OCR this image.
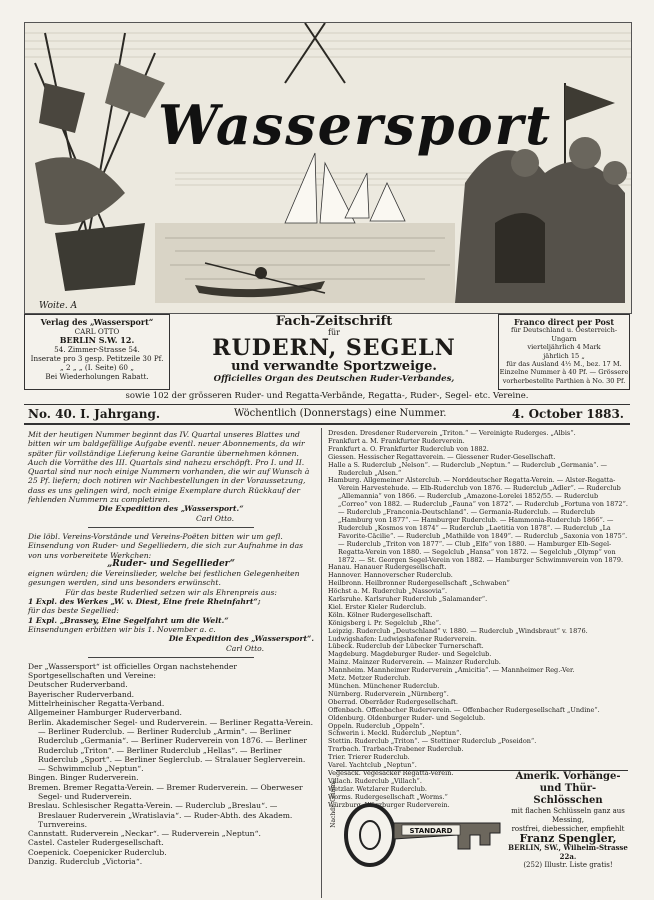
Wassersport
Woite. A
Verlag des „Wassersport“
CARL OTTO
BERLIN S.W. 12.
54. Zimmer-Strasse 54.
Inserate pro 3 gesp. Petitzeile 30 Pf.
„ 2 „ „ (I. Seite) 60 „
Bei Wiederholungen Rabatt.
Fach-Zeitschrift
für
RUDERN, SEGELN
und verwandte Sportzweige.
Officielles Organ des Deutschen Ruder-Verbandes,
Franco direct per Post
für Deutschland u. Oesterreich-Ungarn
vierteljährlich 4 Mark
jährlich 15 „
für das Ausland 4½ M., bez. 17 M.
Einzelne Nummer à 40 Pf. — Grössere
vorherbestellte Parthien à No. 30 Pf.
sowie 102 der grösseren Ruder- und Regatta-Verbände, Regatta-, Ruder-, Segel- etc. Vereine.
No. 40. I. Jahrgang.	Wöchentlich (Donnerstags) eine Nummer.	4. October 1883.

Mit der heutigen Nummer beginnt das IV. Quartal unseres Blattes und bitten wir um baldgefällige Aufgabe eventl. neuer Abonnements, da wir später für vollständige Lieferung keine Garantie übernehmen können.

Auch die Vorräthe des III. Quartals sind nahezu erschöpft. Pro I. und II. Quartal sind nur noch einige Nummern vorhanden, die wir auf Wunsch à 25 Pf. liefern; doch notiren wir Nachbestellungen in der Voraussetzung, dass es uns gelingen wird, noch einige Exemplare durch Rückkauf der fehlenden Nummern zu completiren.

Die Expedition des „Wassersport.“

Carl Otto.

Die löbl. Vereins-Vorstände und Vereins-Poëten bitten wir um gefl. Einsendung von Ruder- und Segelliedern, die sich zur Aufnahme in das von uns vorbereitete Werkchen:

„Ruder- und Segellieder“

eignen würden; die Vereinslieder, welche bei festlichen Gelegenheiten gesungen werden, sind uns besonders erwünscht.

Für das beste Ruderlied setzen wir als Ehrenpreis aus:

1 Expl. des Werkes „W. v. Diest, Eine freie Rheinfahrt“;

für das beste Segellied:

1 Expl. „Brassey, Eine Segelfahrt um die Welt.“

Einsendungen erbitten wir bis 1. November a. c.

Die Expedition des „Wassersport“.

Carl Otto.

Der „Wassersport“ ist officielles Organ nachstehender Sportgesellschaften und Vereine:

Deutscher Ruderverband.

Bayerischer Ruderverband.

Mittelrheinischer Regatta-Verband.

Allgemeiner Hamburger Ruderverband.

Berlin. Akademischer Segel- und Ruderverein. — Berliner Regatta-Verein. — Berliner Ruderclub. — Berliner Ruderclub „Armin“. — Berliner Ruderclub „Germania“. — Berliner Ruderverein von 1876. — Berliner Ruderclub „Triton“. — Berliner Ruderclub „Hellas“. — Berliner Ruderclub „Sport“. — Berliner Seglerclub. — Stralauer Seglerverein. — Schwimmclub „Neptun“.

Bingen. Binger Ruderverein.

Bremen. Bremer Regatta-Verein. — Bremer Ruderverein. — Oberweser Segel- und Ruderverein.

Breslau. Schlesischer Regatta-Verein. — Ruderclub „Breslau“. — Breslauer Ruderverein „Wratislavia“. — Ruder-Abth. des Akadem. Turnvereins.

Cannstatt. Ruderverein „Neckar“. — Ruderverein „Neptun“.

Castel. Casteler Rudergesellschaft.

Coepenick. Coepenicker Ruderclub.

Danzig. Ruderclub „Victoria“.

Dresden. Dresdener Ruderverein „Triton.“ — Vereinigte Ruderges. „Albis“.

Frankfurt a. M. Frankfurter Ruderverein.

Frankfurt a. O. Frankfurter Ruderclub von 1882.

Giessen. Hessischer Regattaverein. — Giessener Ruder-Gesellschaft.

Halle a S. Ruderclub „Nelson“. — Ruderclub „Neptun.“ — Ruderclub „Germania“. — Ruderclub „Alsen.“

Hamburg. Allgemeiner Alsterclub. — Norddeutscher Regatta-Verein. — Alster-Regatta-Verein Harvestehude. — Elb-Ruderclub von 1876. — Ruderclub „Adler“. — Ruderclub „Allemannia“ von 1866. — Ruderclub „Amazone-Lorelei 1852/55. — Ruderclub „Correo“ von 1882. — Ruderclub „Fauna“ von 1872“. — Ruderclub „Fortuna von 1872“. — Ruderclub „Franconia-Deutschland“. — Germania-Ruderclub. — Ruderclub „Hamburg von 1877“. — Hamburger Ruderclub. — Hammonia-Ruderclub 1866“. — Ruderclub „Kosmos von 1874“ — Ruderclub „Laetitia von 1878“. — Ruderclub „La Favorite-Cäcilie“. — Ruderclub „Mathilde von 1849“. — Ruderclub „Saxonia von 1875“. — Ruderclub „Triton von 1877“. — Club „Elfe“ von 1880. — Hamburger Elb-Segel-Regatta-Verein von 1880. — Segelclub „Hansa“ von 1872. — Segelclub „Olymp“ von 1872. — St. Georgen Segel-Verein von 1882. — Hamburger Schwimmverein von 1879.

Hanau. Hanauer Rudergesellschaft.

Hannover. Hannoverscher Ruderclub.

Heilbronn. Heilbronner Rudergesellschaft „Schwaben“

Höchst a. M. Ruderclub „Nassovia“.

Karlsruhe. Karlsruher Ruderclub „Salamander“.

Kiel. Erster Kieler Ruderclub.

Köln. Kölner Rudergesellschaft.

Königsberg i. Pr. Segelclub „Rhe“.

Leipzig. Ruderclub „Deutschland“ v. 1880. — Ruderclub „Windsbraut“ v. 1876.

Ludwigshafen: Ludwigshafener Ruderverein.

Lübeck. Ruderclub der Lübecker Turnerschaft.

Magdeburg. Magdeburger Ruder- und Segelclub.

Mainz. Mainzer Ruderverein. — Mainzer Ruderclub.

Mannheim. Mannheimer Ruderverein „Amicitia“. — Mannheimer Reg.-Ver.

Metz. Metzer Ruderclub.

München. Münchener Ruderclub.

Nürnberg. Ruderverein „Nürnberg“.

Oberrad. Oberräder Rudergesellschaft.

Offenbach. Offenbacher Ruderverein. — Offenbacher Rudergesellschaft „Undine“.

Oldenburg. Oldenburger Ruder- und Segelclub.

Oppeln. Ruderclub „Oppeln“.

Schwerin i. Meckl. Ruderclub „Neptun“.

Stettin. Ruderclub „Triton“. — Stettiner Ruderclub „Poseidon“.

Trarbach. Trarbach-Trabener Ruderclub.

Trier. Trierer Ruderclub.

Varel. Yachtclub „Neptun“.

Vegesack. Vegesacker Regatta-Verein.

Villach. Ruderclub „Villach“.

Wetzlar. Wetzlarer Ruderclub.

Worms. Rudergesellschaft „Worms.“

Würzburg. Würzburger Ruderverein.

Nachdr. Grimm.
STANDARD
Amerik. Vorhänge- und Thür-Schlösschen
mit flachen Schlüsseln ganz aus Messing,
rostfrei, diebessicher, empfiehlt
Franz Spengler,
BERLIN, SW., Wilhelm-Strasse 22a.
(252) Illustr. Liste gratis!
